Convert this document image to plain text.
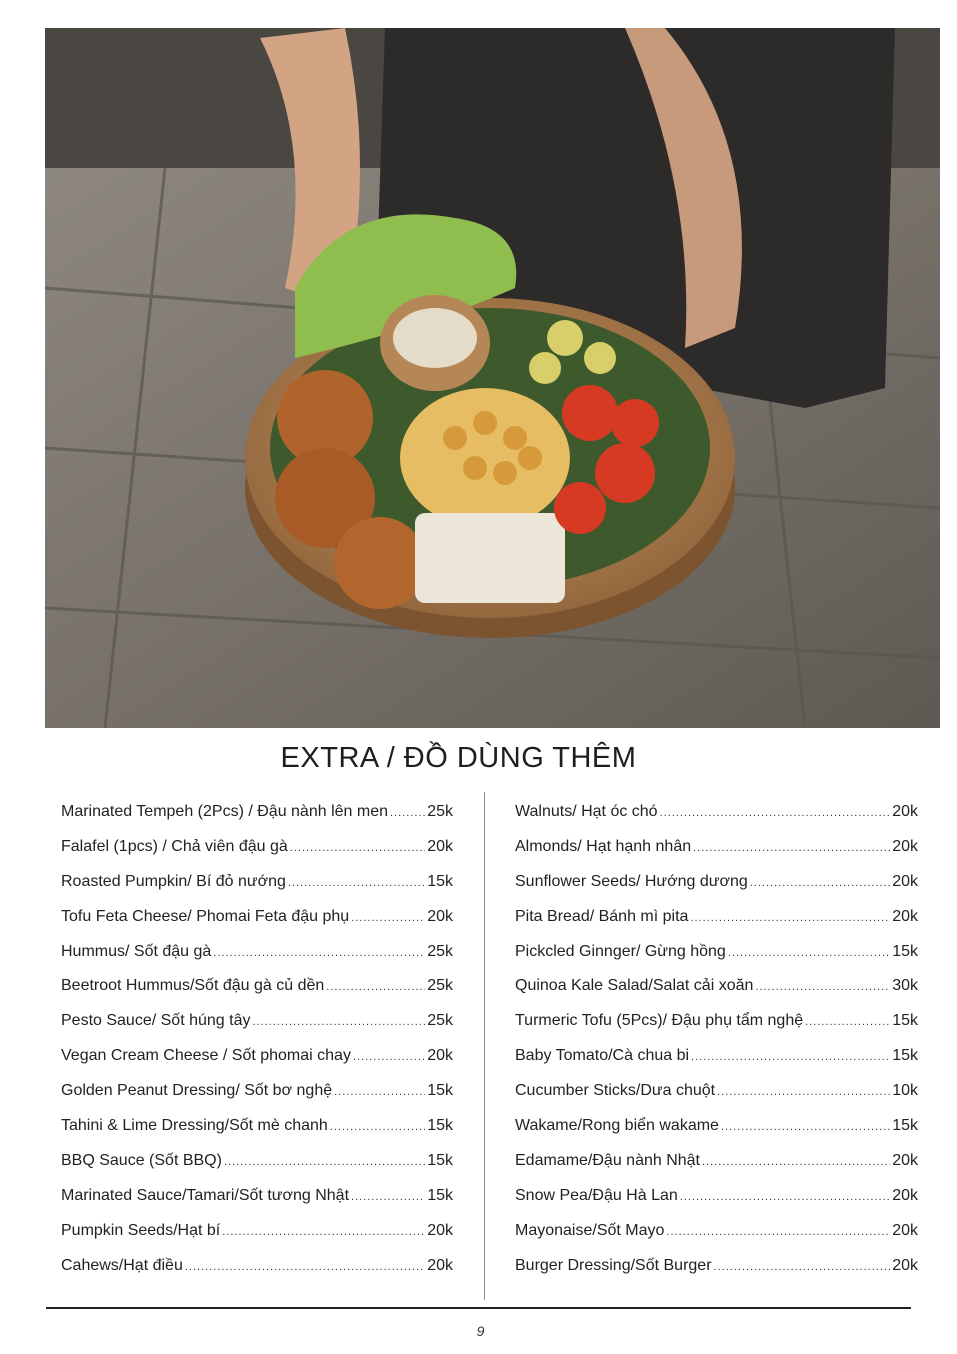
EXTRA / ĐỒ DÙNG THÊM
Marinated Tempeh (2Pcs) / Đậu nành lên men ..... 25k
Falafel (1pcs) / Chả viên đậu gà .....	20k
Roasted Pumpkin/ Bí đỏ nướng .....	15k
Tofu Feta Cheese/ Phomai Feta đậu phụ .....	20k
Hummus/ Sốt đậu gà .....	25k
Beetroot Hummus/Sốt đậu gà củ dền .....	25k
Pesto Sauce/ Sốt húng tây .....	25k
Vegan Cream Cheese / Sốt phomai chay .....	20k
Golden Peanut Dressing/ Sốt bơ nghệ .....	15k
Tahini & Lime Dressing/Sốt mè chanh .....	15k
BBQ Sauce (Sốt BBQ) .....	15k
Marinated Sauce/Tamari/Sốt tương Nhật .....	15k
Pumpkin Seeds/Hạt bí .....	20k
Cahews/Hạt điều .....	20k
Walnuts/ Hạt óc chó .....	20k
Almonds/ Hạt hạnh nhân .....	20k
Sunflower Seeds/ Hướng dương .....	20k
Pita Bread/ Bánh mì pita .....	20k
Pickcled Ginnger/ Gừng hồng .....	15k
Quinoa Kale Salad/Salat cải xoăn .....	30k
Turmeric Tofu (5Pcs)/ Đậu phụ tẩm nghệ .....	15k
Baby Tomato/Cà chua bi .....	15k
Cucumber Sticks/Dưa chuột .....	10k
Wakame/Rong biển wakame .....	15k
Edamame/Đậu nành Nhật .....	20k
Snow Pea/Đậu Hà Lan .....	20k
Mayonaise/Sốt Mayo .....	20k
Burger Dressing/Sốt Burger .....	20k
9
